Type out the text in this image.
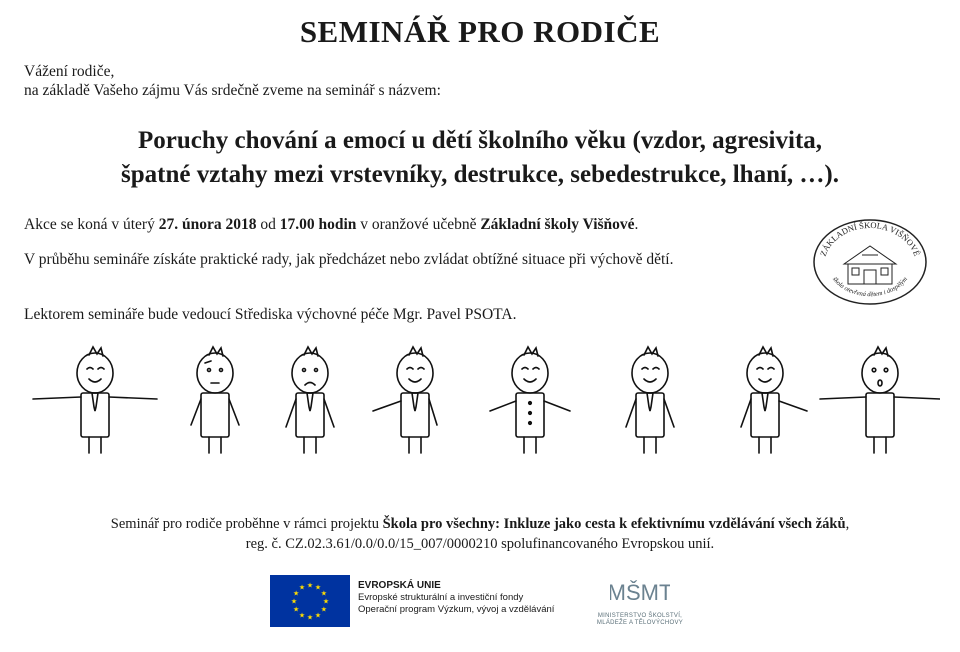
SEMINÁŘ PRO RODIČE
Vážení rodiče,
na základě Vašeho zájmu Vás srdečně zveme na seminář s názvem:
Poruchy chování a emocí u dětí školního věku (vzdor, agresivita,
špatné vztahy mezi vrstevníky, destrukce, sebedestrukce, lhaní, …).
Akce se koná v úterý 27. února 2018 od 17.00 hodin v oranžové učebně Základní školy Višňové.
V průběhu semináře získáte praktické rady, jak předcházet nebo zvládat obtížné situace při výchově dětí.
Lektorem semináře bude vedoucí Střediska výchovné péče Mgr. Pavel PSOTA.
ZÁKLADNÍ ŠKOLA VIŠŇOVÉ
škola otevřená dětem i dospělým
Seminář pro rodiče proběhne v rámci projektu Škola pro všechny: Inkluze jako cesta k efektivnímu vzdělávání všech žáků,
reg. č. CZ.02.3.61/0.0/0.0/15_007/0000210 spolufinancovaného Evropskou unií.
★
★
★
★
★
★
★
★
★ ★ ★
★
EVROPSKÁ UNIE
Evropské strukturální a investiční fondy
Operační program Výzkum, vývoj a vzdělávání
MŠMT
MINISTERSTVO ŠKOLSTVÍ,
MLÁDEŽE A TĚLOVÝCHOVY
